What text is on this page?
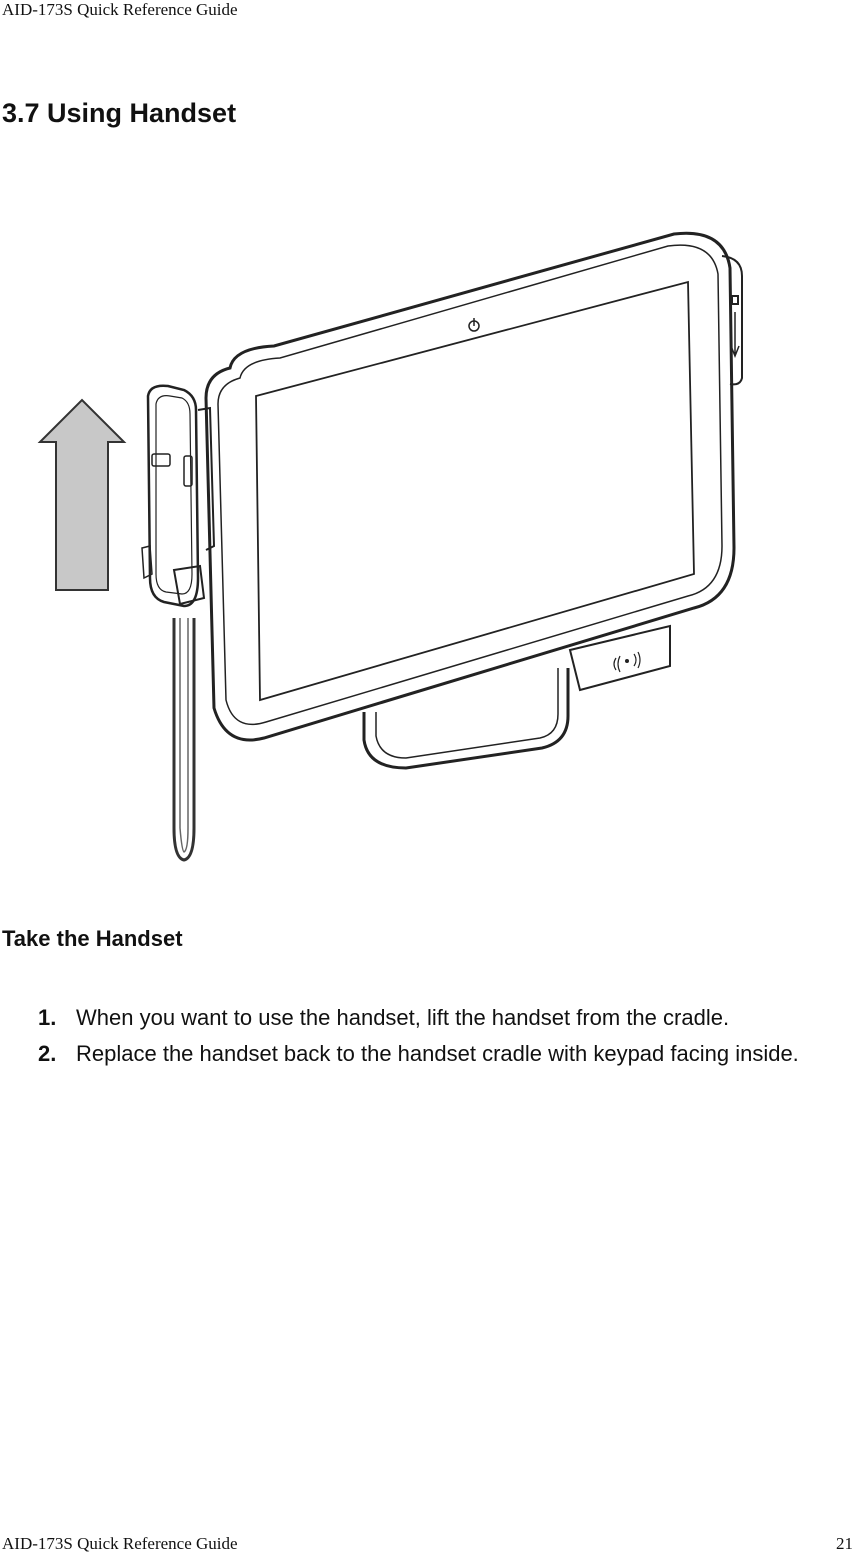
AID-173S Quick Reference Guide
3.7 Using Handset
Take the Handset
1. When you want to use the handset, lift the handset from the cradle.
2. Replace the handset back to the handset cradle with keypad facing inside.
AID-173S Quick Reference Guide	21
